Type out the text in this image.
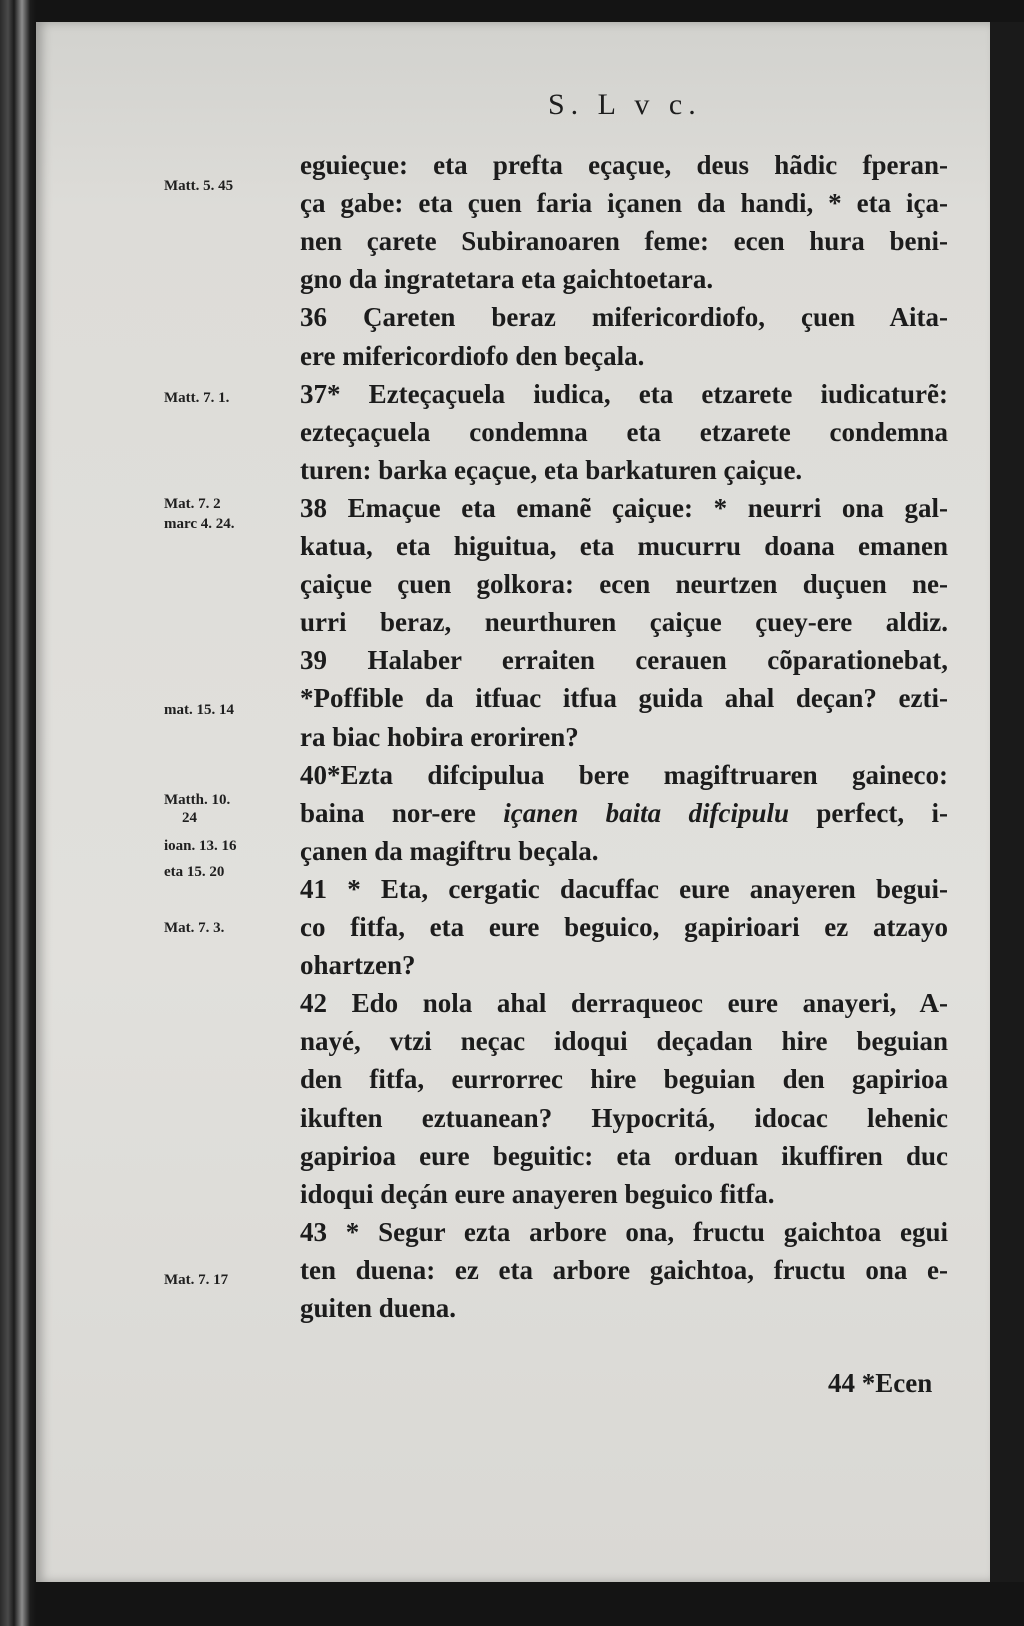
S. L v c.
eguieçue: eta prefta eçaçue, deus hãdic fperan-
ça gabe: eta çuen faria içanen da handi, * eta iça-
nen çarete Subiranoaren feme: ecen hura beni-
gno da ingratetara eta gaichtoetara.
36 Çareten beraz mifericordiofo, çuen Aita-
ere mifericordiofo den beçala.
37* Ezteçaçuela iudica, eta etzarete iudicaturẽ:
ezteçaçuela condemna eta etzarete condemna
turen: barka eçaçue, eta barkaturen çaiçue.
38 Emaçue eta emanẽ çaiçue: * neurri ona gal-
katua, eta higuitua, eta mucurru doana emanen
çaiçue çuen golkora: ecen neurtzen duçuen ne-
urri beraz, neurthuren çaiçue çuey-ere aldiz.
39 Halaber erraiten cerauen cõparationebat,
*Poffible da itfuac itfua guida ahal deçan? ezti-
ra biac hobira eroriren?
40*Ezta difcipulua bere magiftruaren gaineco:
baina nor-ere içanen baita difcipulu perfect, i-
çanen da magiftru beçala.
41 * Eta, cergatic dacuffac eure anayeren begui-
co fitfa, eta eure beguico, gapirioari ez atzayo
ohartzen?
42 Edo nola ahal derraqueoc eure anayeri, A-
nayé, vtzi neçac idoqui deçadan hire beguian
den fitfa, eurrorrec hire beguian den gapirioa
ikuften eztuanean? Hypocritá, idocac lehenic
gapirioa eure beguitic: eta orduan ikuffiren duc
idoqui deçán eure anayeren beguico fitfa.
43 * Segur ezta arbore ona, fructu gaichtoa egui
ten duena: ez eta arbore gaichtoa, fructu ona e-
guiten duena.
Matt. 5. 45
Matt. 7. 1.
Mat. 7. 2
marc 4. 24.
mat. 15. 14
Matth. 10.
24
ioan. 13. 16
eta 15. 20
Mat. 7. 3.
Mat. 7. 17
44 *Ecen
